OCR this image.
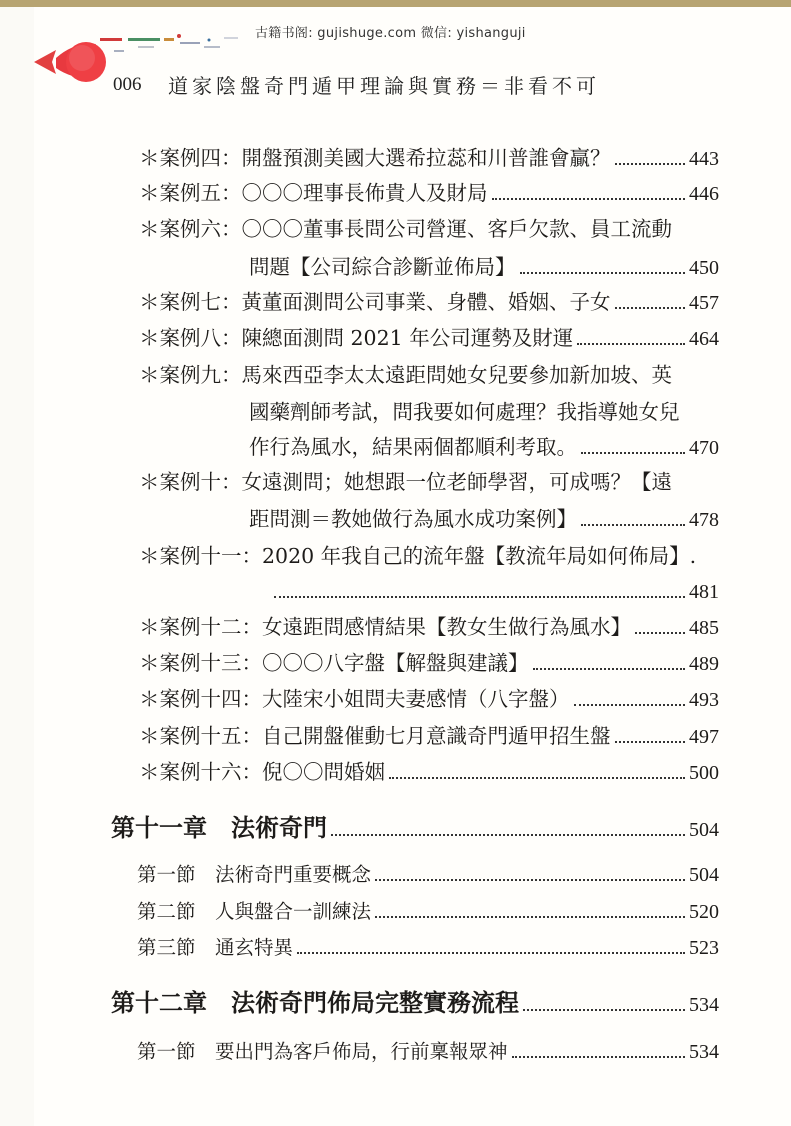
古籍书阁: gujishuge.com 微信: yishanguji
006 道家陰盤奇門遁甲理論與實務＝非看不可
＊案例四：開盤預測美國大選希拉蕊和川普誰會贏？	443
＊案例五：〇〇〇理事長佈貴人及財局	446
＊案例六：〇〇〇董事長問公司營運、客戶欠款、員工流動
問題【公司綜合診斷並佈局】	450
＊案例七：黃董面測問公司事業、身體、婚姻、子女	457
＊案例八：陳總面測問 2021 年公司運勢及財運	464
＊案例九：馬來西亞李太太遠距問她女兒要參加新加坡、英
國藥劑師考試，問我要如何處理？我指導她女兒
作行為風水，結果兩個都順利考取。	470
＊案例十：女遠測問；她想跟一位老師學習，可成嗎？【遠
距問測＝教她做行為風水成功案例】	478
＊案例十一：2020 年我自己的流年盤【教流年局如何佈局】.
481
＊案例十二：女遠距問感情結果【教女生做行為風水】	485
＊案例十三：〇〇〇八字盤【解盤與建議】	489
＊案例十四：大陸宋小姐問夫妻感情（八字盤）	493
＊案例十五：自己開盤催動七月意識奇門遁甲招生盤	497
＊案例十六：倪〇〇問婚姻	500
第十一章　法術奇門	504
第一節　法術奇門重要概念	504
第二節　人與盤合一訓練法	520
第三節　通玄特異	523
第十二章　法術奇門佈局完整實務流程	534
第一節　要出門為客戶佈局，行前稟報眾神	534
